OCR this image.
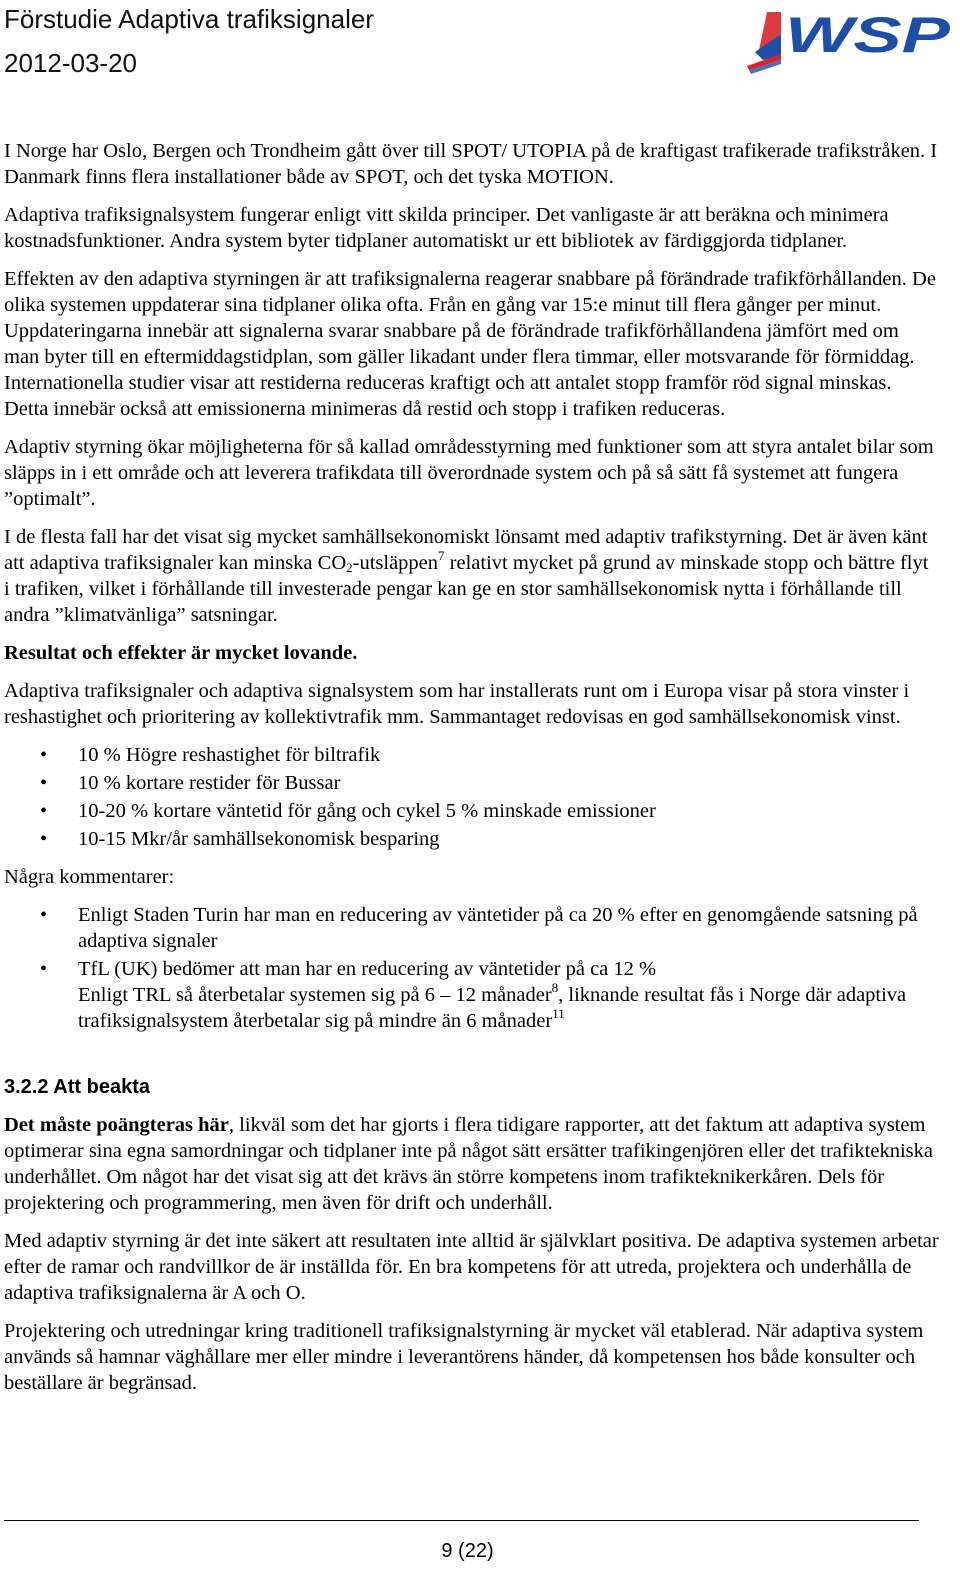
Förstudie Adaptiva trafiksignaler
2012-03-20	WSP

I Norge har Oslo, Bergen och Trondheim gått över till SPOT/ UTOPIA på de kraftigast trafikerade trafikstråken. I Danmark finns flera installationer både av SPOT, och det tyska MOTION.

Adaptiva trafiksignalsystem fungerar enligt vitt skilda principer. Det vanligaste är att beräkna och minimera kostnadsfunktioner. Andra system byter tidplaner automatiskt ur ett bibliotek av färdiggjorda tidplaner.

Effekten av den adaptiva styrningen är att trafiksignalerna reagerar snabbare på förändrade trafikförhållanden. De olika systemen uppdaterar sina tidplaner olika ofta. Från en gång var 15:e minut till flera gånger per minut. Uppdateringarna innebär att signalerna svarar snabbare på de förändrade trafikförhållandena jämfört med om man byter till en eftermiddagstidplan, som gäller likadant under flera timmar, eller motsvarande för förmiddag. Internationella studier visar att restiderna reduceras kraftigt och att antalet stopp framför röd signal minskas. Detta innebär också att emissionerna minimeras då restid och stopp i trafiken reduceras.

Adaptiv styrning ökar möjligheterna för så kallad områdesstyrning med funktioner som att styra antalet bilar som släpps in i ett område och att leverera trafikdata till överordnade system och på så sätt få systemet att fungera ”optimalt”.

I de flesta fall har det visat sig mycket samhällsekonomiskt lönsamt med adaptiv trafikstyrning. Det är även känt att adaptiva trafiksignaler kan minska $CO_2-utsläppen^7$ relativt mycket på grund av minskade stopp och bättre flyt i trafiken, vilket i förhållande till investerade pengar kan ge en stor samhällsekonomisk nytta i förhållande till andra ”klimatvänliga” satsningar.

Resultat och effekter är mycket lovande.

Adaptiva trafiksignaler och adaptiva signalsystem som har installerats runt om i Europa visar på stora vinster i reshastighet och prioritering av kollektivtrafik mm. Sammantaget redovisas en god samhällsekonomisk vinst.

• 10 % Högre reshastighet för biltrafik
• 10 % kortare restider för Bussar
• 10-20 % kortare väntetid för gång och cykel 5 % minskade emissioner
• 10-15 Mkr/år samhällsekonomisk besparing

Några kommentarer:

• Enligt Staden Turin har man en reducering av väntetider på ca 20 % efter en genomgående satsning på adaptiva signaler
• TfL (UK) bedömer att man har en reducering av väntetider på ca 12 %
Enligt TRL så återbetalar systemen sig på 6 – 12 månader$^8$, liknande resultat fås i Norge där adaptiva trafiksignalsystem återbetalar sig på mindre än 6 månader$^{11}$
3.2.2 Att beakta

Det måste poängteras här, likväl som det har gjorts i flera tidigare rapporter, att det faktum att adaptiva system optimerar sina egna samordningar och tidplaner inte på något sätt ersätter trafikingenjören eller det trafiktekniska underhållet. Om något har det visat sig att det krävs än större kompetens inom trafikteknikerkåren. Dels för projektering och programmering, men även för drift och underhåll.

Med adaptiv styrning är det inte säkert att resultaten inte alltid är självklart positiva. De adaptiva systemen arbetar efter de ramar och randvillkor de är inställda för. En bra kompetens för att utreda, projektera och underhålla de adaptiva trafiksignalerna är A och O.

Projektering och utredningar kring traditionell trafiksignalstyrning är mycket väl etablerad. När adaptiva system används så hamnar väghållare mer eller mindre i leverantörens händer, då kompetensen hos både konsulter och beställare är begränsad.

9 (22)
